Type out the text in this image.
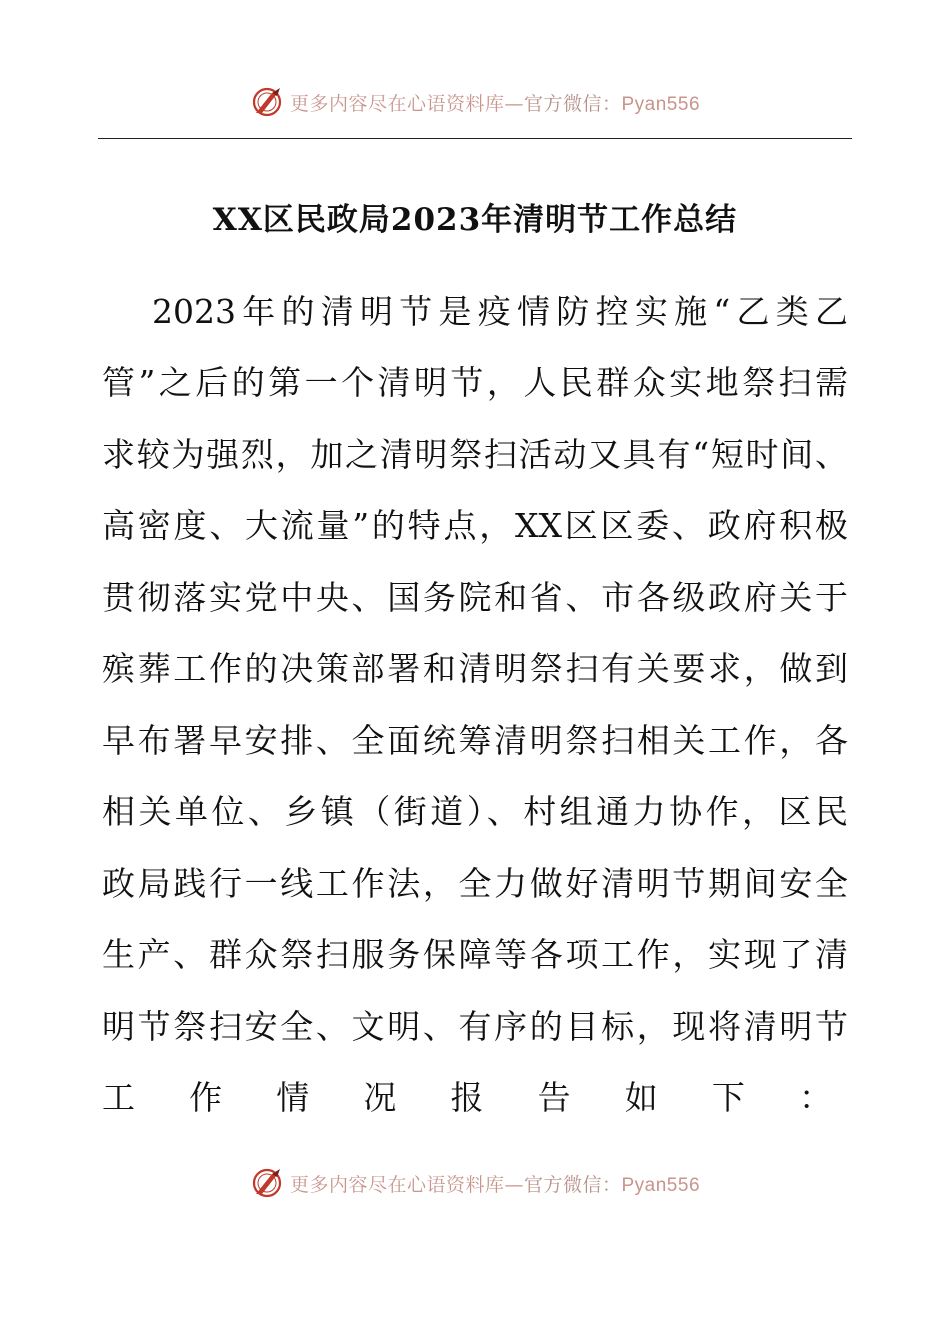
更多内容尽在心语资料库—官方微信：Pyan556
XX区民政局2023年清明节工作总结
2023年的清明节是疫情防控实施“乙类乙
管”之后的第一个清明节，人民群众实地祭扫需
求较为强烈，加之清明祭扫活动又具有“短时间、
高密度、大流量”的特点，XX区区委、政府积极
贯彻落实党中央、国务院和省、市各级政府关于
殡葬工作的决策部署和清明祭扫有关要求，做到
早布署早安排、全面统筹清明祭扫相关工作，各
相关单位、乡镇（街道）、村组通力协作，区民
政局践行一线工作法，全力做好清明节期间安全
生产、群众祭扫服务保障等各项工作，实现了清
明节祭扫安全、文明、有序的目标，现将清明节
工 作 情 况 报 告 如 下 ：
更多内容尽在心语资料库—官方微信：Pyan556
